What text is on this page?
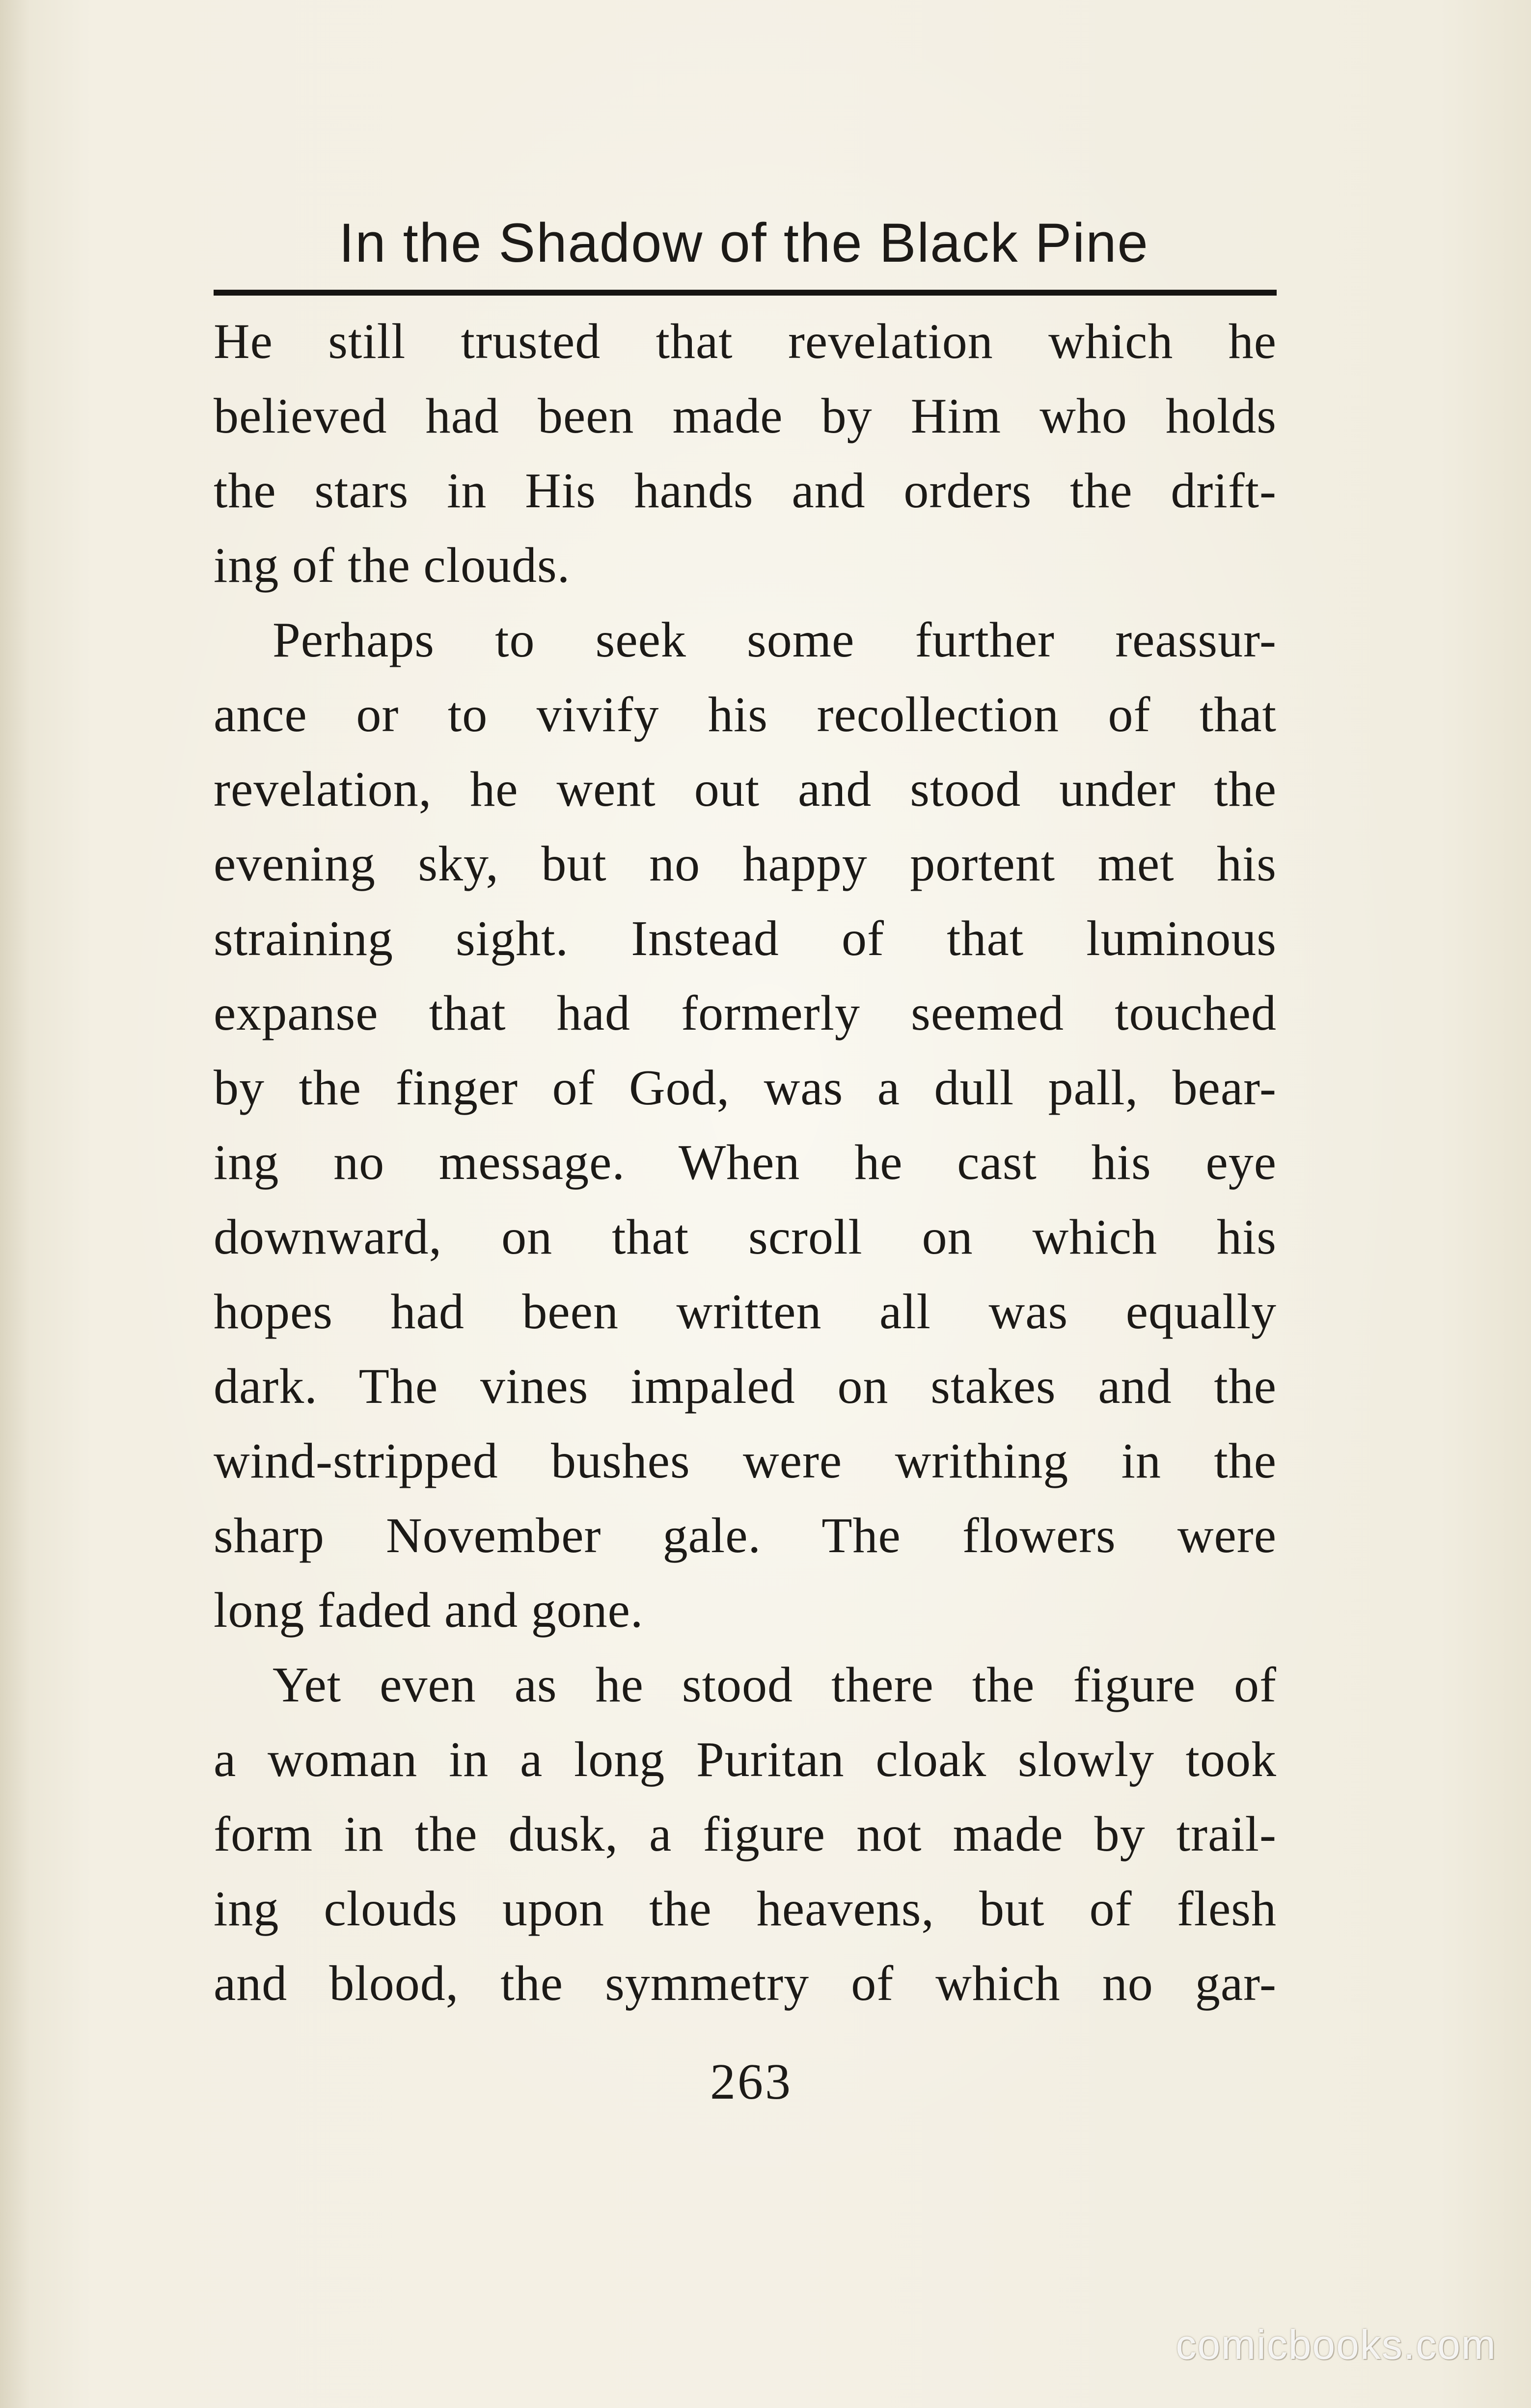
In the Shadow of the Black Pine
He still trusted that revelation which he
believed had been made by Him who holds
the stars in His hands and orders the drift-
ing of the clouds.
Perhaps to seek some further reassur-
ance or to vivify his recollection of that
revelation, he went out and stood under the
evening sky, but no happy portent met his
straining sight. Instead of that luminous
expanse that had formerly seemed touched
by the finger of God, was a dull pall, bear-
ing no message. When he cast his eye
downward, on that scroll on which his
hopes had been written all was equally
dark. The vines impaled on stakes and the
wind-stripped bushes were writhing in the
sharp November gale. The flowers were
long faded and gone.
Yet even as he stood there the figure of
a woman in a long Puritan cloak slowly took
form in the dusk, a figure not made by trail-
ing clouds upon the heavens, but of flesh
and blood, the symmetry of which no gar-
263
comicbooks.com
